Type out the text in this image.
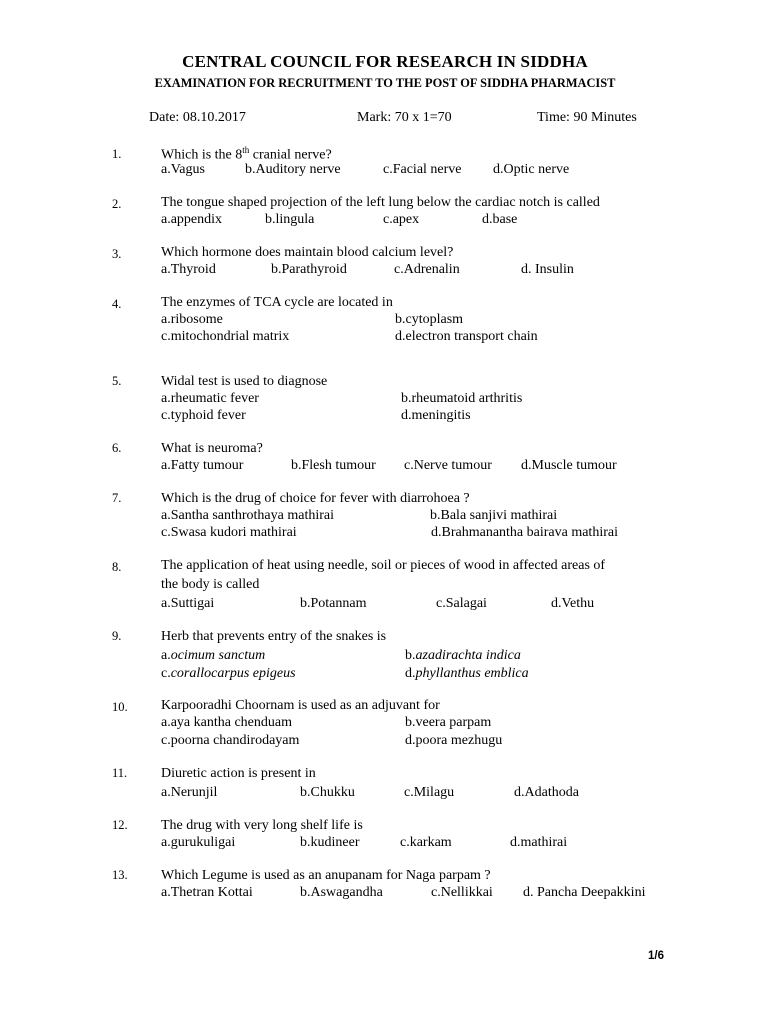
CENTRAL COUNCIL FOR RESEARCH IN SIDDHA
EXAMINATION FOR RECRUITMENT TO THE POST OF SIDDHA PHARMACIST
Date: 08.10.2017	Mark: 70 x 1=70	Time: 90 Minutes
1.	Which is the 8th cranial nerve?
a.Vagus	b.Auditory nerve	c.Facial nerve d.Optic nerve
2.	The tongue shaped projection of the left lung below the cardiac notch is called
a.appendix	b.lingula	c.apex	d.base
3.	Which hormone does maintain blood calcium level?
a.Thyroid	b.Parathyroid	c.Adrenalin	d. Insulin
4.	The enzymes of TCA cycle are located in
a.ribosome	b.cytoplasm
c.mitochondrial matrix	d.electron transport chain
5.	Widal test is used to diagnose
a.rheumatic fever	b.rheumatoid arthritis
c.typhoid fever	d.meningitis
6.	What is neuroma?
a.Fatty tumour	b.Flesh tumour c.Nerve tumour d.Muscle tumour
7.	Which is the drug of choice for fever with diarrohoea ?
a.Santha santhrothaya mathirai	b.Bala sanjivi mathirai
c.Swasa kudori mathirai	d.Brahmanantha bairava mathirai
8.	The application of heat using needle, soil or pieces of wood in affected areas of
the body is called
a.Suttigai	b.Potannam	c.Salagai	d.Vethu
9.	Herb that prevents entry of the snakes is
a.ocimum sanctum	b.azadirachta indica
c.corallocarpus epigeus	d.phyllanthus emblica
10. Karpooradhi Choornam is used as an adjuvant for
a.aya kantha chenduam	b.veera parpam
c.poorna chandirodayam	d.poora mezhugu
11. Diuretic action is present in
a.Nerunjil	b.Chukku	c.Milagu	d.Adathoda
12. The drug with very long shelf life is
a.gurukuligai	b.kudineer	c.karkam	d.mathirai
13. Which Legume is used as an anupanam for Naga parpam ?
a.Thetran Kottai	b.Aswagandha	c.Nellikkai d. Pancha Deepakkini
1/6
